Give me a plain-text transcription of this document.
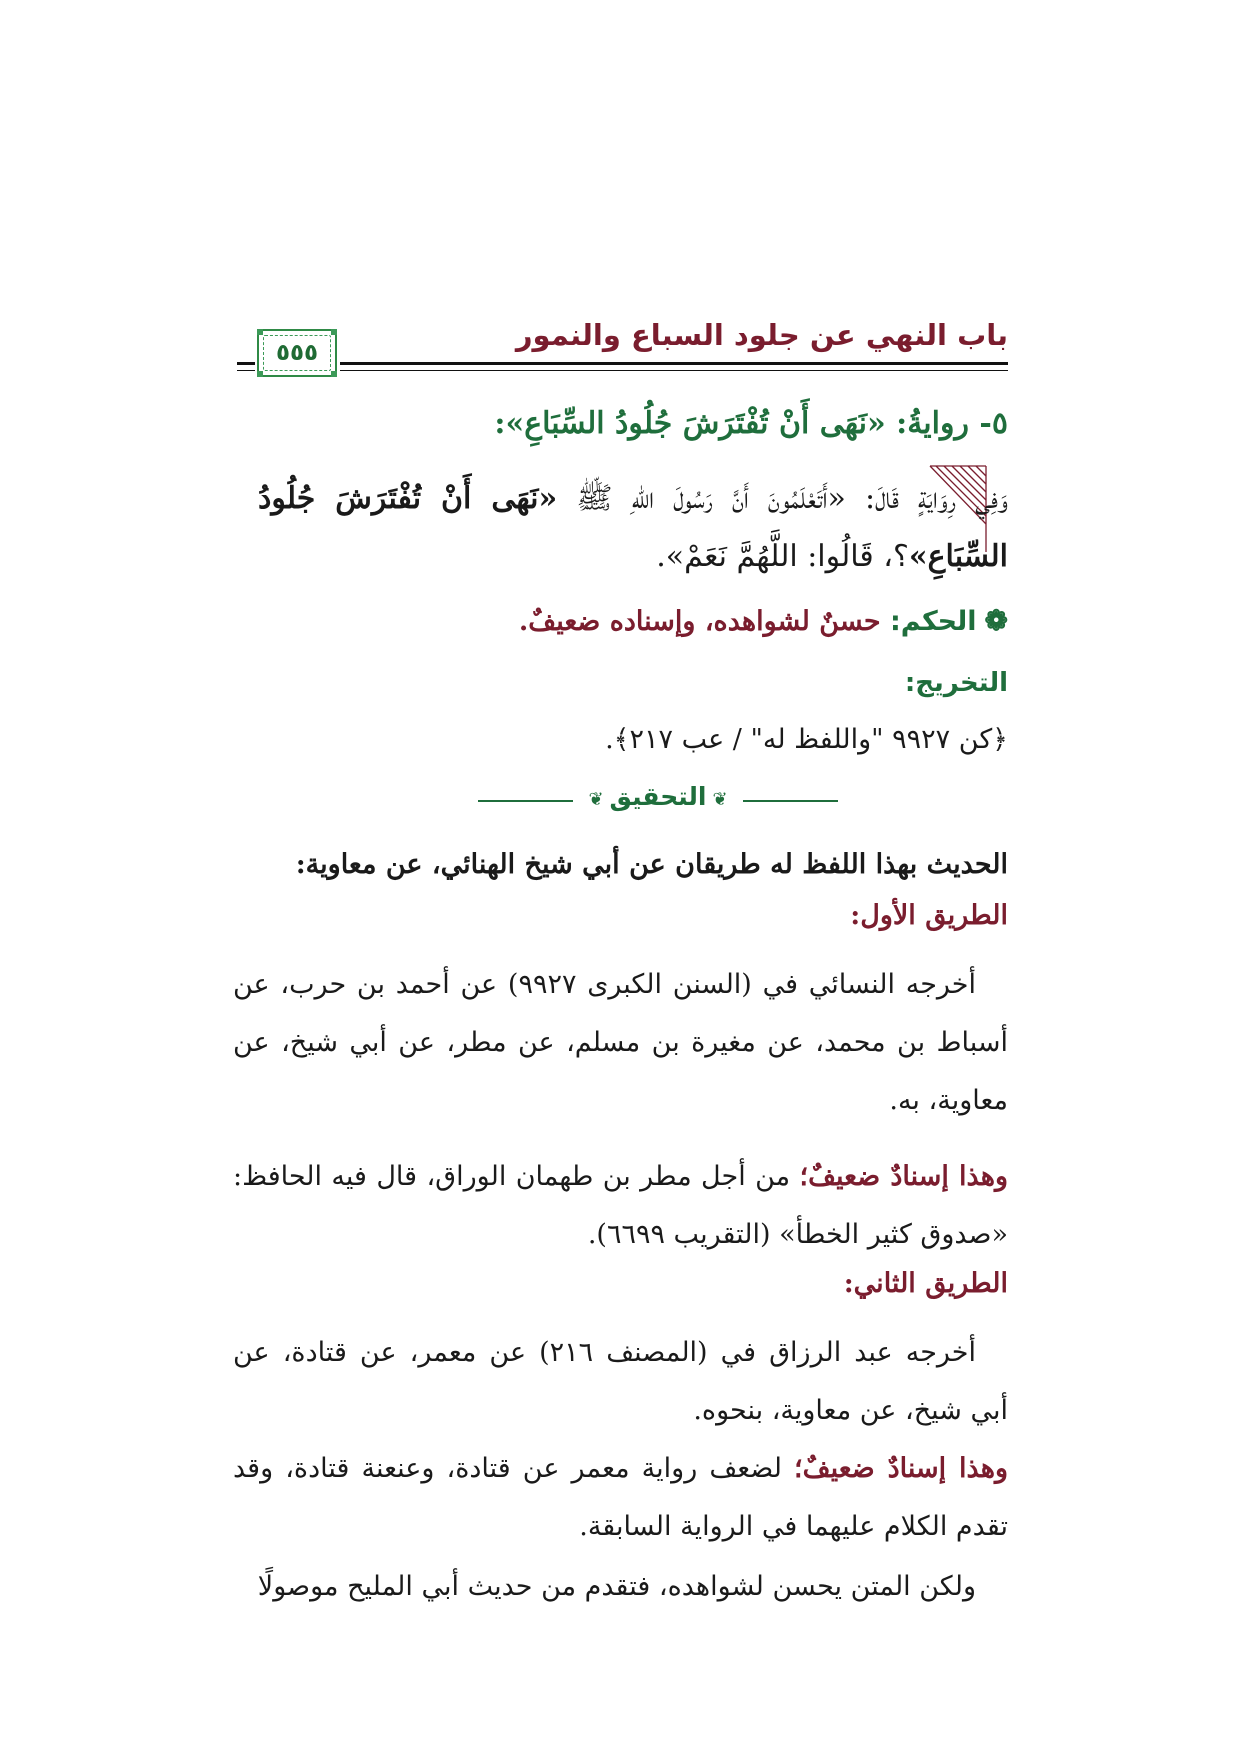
باب النهي عن جلود السباع والنمور
٥٥٥
٥- روايةُ: «نَهَى أَنْ تُفْتَرَشَ جُلُودُ السِّبَاعِ»:
وَفِي رِوَايَةٍ قَالَ: «أَتَعْلَمُونَ أَنَّ رَسُولَ اللهِ ﷺ «نَهَى أَنْ تُفْتَرَشَ جُلُودُ السِّبَاعِ»؟، قَالُوا: اللَّهُمَّ نَعَمْ».
❁الحكم: حسنٌ لشواهده، وإسناده ضعيفٌ.
التخريج:
﴿كن ٩٩٢٧ "واللفظ له" / عب ٢١٧﴾.
❦التحقيق❦
الحديث بهذا اللفظ له طريقان عن أبي شيخ الهنائي، عن معاوية:
الطريق الأول:
أخرجه النسائي في (السنن الكبرى ٩٩٢٧) عن أحمد بن حرب، عن أسباط بن محمد، عن مغيرة بن مسلم، عن مطر، عن أبي شيخ، عن معاوية، به.
وهذا إسنادٌ ضعيفٌ؛ من أجل مطر بن طهمان الوراق، قال فيه الحافظ: «صدوق كثير الخطأ» (التقريب ٦٦٩٩).
الطريق الثاني:
أخرجه عبد الرزاق في (المصنف ٢١٦) عن معمر، عن قتادة، عن أبي شيخ، عن معاوية، بنحوه.
وهذا إسنادٌ ضعيفٌ؛ لضعف رواية معمر عن قتادة، وعنعنة قتادة، وقد تقدم الكلام عليهما في الرواية السابقة.
ولكن المتن يحسن لشواهده، فتقدم من حديث أبي المليح موصولًا
